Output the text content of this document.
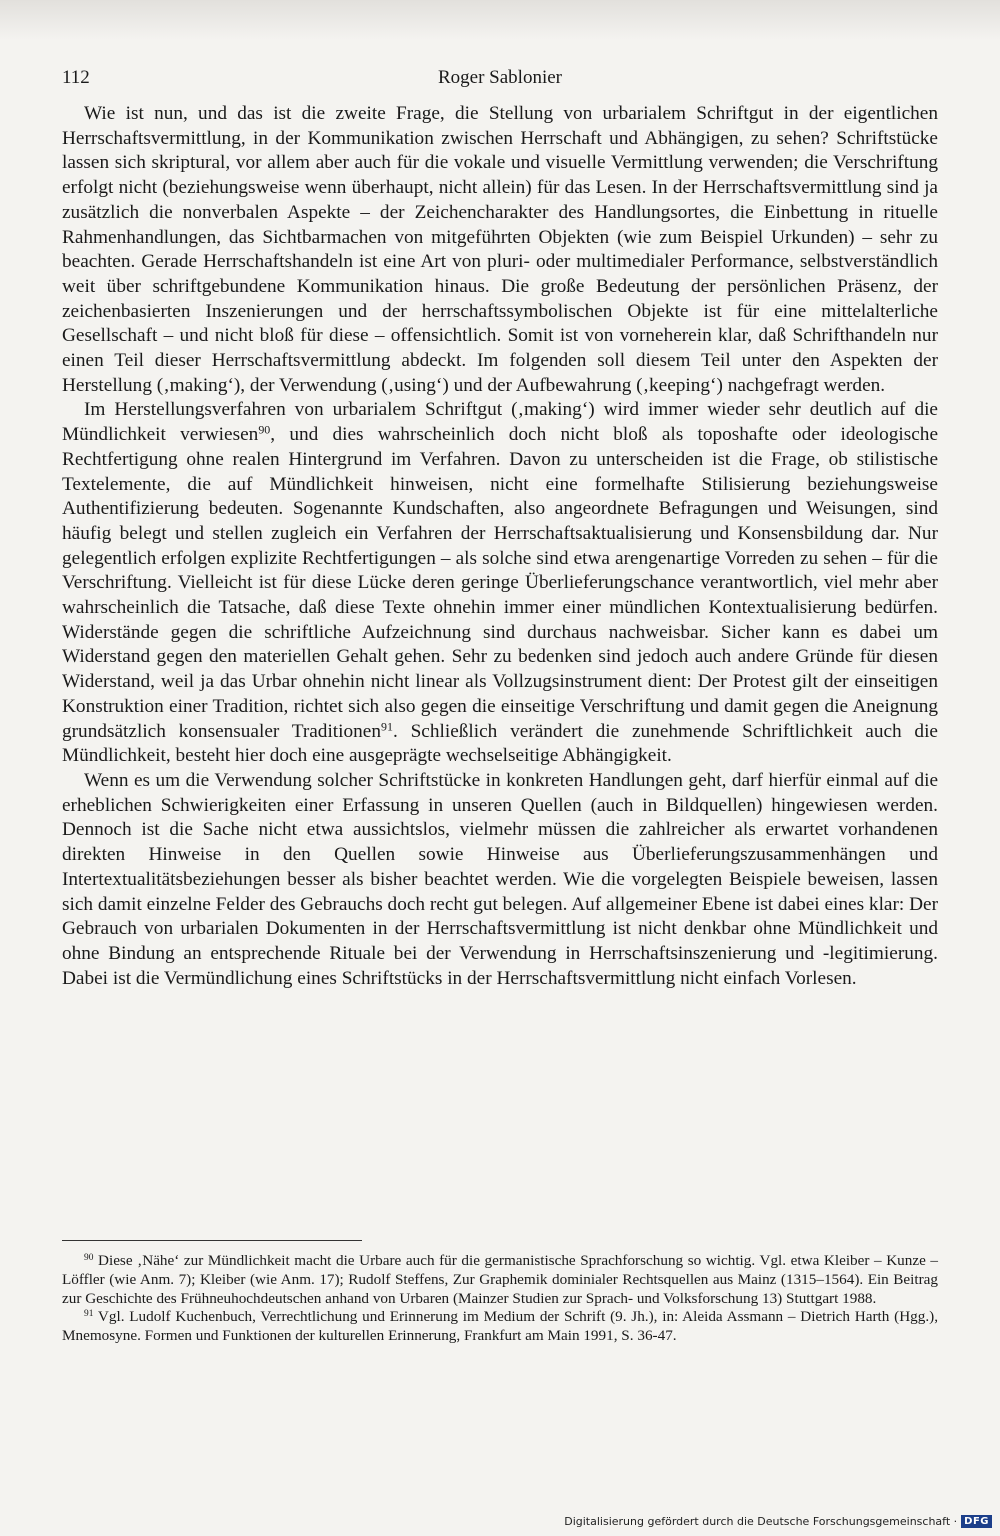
112	Roger Sablonier

Wie ist nun, und das ist die zweite Frage, die Stellung von urbarialem Schriftgut in der eigentlichen Herrschaftsvermittlung, in der Kommunikation zwischen Herrschaft und Abhängigen, zu sehen? Schriftstücke lassen sich skriptural, vor allem aber auch für die vokale und visuelle Vermittlung verwenden; die Verschriftung erfolgt nicht (beziehungsweise wenn überhaupt, nicht allein) für das Lesen. In der Herrschaftsvermittlung sind ja zusätzlich die nonverbalen Aspekte – der Zeichencharakter des Handlungsortes, die Einbettung in rituelle Rahmenhandlungen, das Sichtbarmachen von mitgeführten Objekten (wie zum Beispiel Urkunden) – sehr zu beachten. Gerade Herrschaftshandeln ist eine Art von pluri- oder multimedialer Performance, selbstverständlich weit über schriftgebundene Kommunikation hinaus. Die große Bedeutung der persönlichen Präsenz, der zeichenbasierten Inszenierungen und der herrschaftssymbolischen Objekte ist für eine mittelalterliche Gesellschaft – und nicht bloß für diese – offensichtlich. Somit ist von vorneherein klar, daß Schrifthandeln nur einen Teil dieser Herrschaftsvermittlung abdeckt. Im folgenden soll diesem Teil unter den Aspekten der Herstellung (‚making‘), der Verwendung (‚using‘) und der Aufbewahrung (‚keeping‘) nachgefragt werden.

Im Herstellungsverfahren von urbarialem Schriftgut (‚making‘) wird immer wieder sehr deutlich auf die Mündlichkeit verwiesen$^{90}$, und dies wahrscheinlich doch nicht bloß als toposhafte oder ideologische Rechtfertigung ohne realen Hintergrund im Verfahren. Davon zu unterscheiden ist die Frage, ob stilistische Textelemente, die auf Mündlichkeit hinweisen, nicht eine formelhafte Stilisierung beziehungsweise Authentifizierung bedeuten. Sogenannte Kundschaften, also angeordnete Befragungen und Weisungen, sind häufig belegt und stellen zugleich ein Verfahren der Herrschaftsaktualisierung und Konsensbildung dar. Nur gelegentlich erfolgen explizite Rechtfertigungen – als solche sind etwa arengenartige Vorreden zu sehen – für die Verschriftung. Vielleicht ist für diese Lücke deren geringe Überlieferungschance verantwortlich, viel mehr aber wahrscheinlich die Tatsache, daß diese Texte ohnehin immer einer mündlichen Kontextualisierung bedürfen. Widerstände gegen die schriftliche Aufzeichnung sind durchaus nachweisbar. Sicher kann es dabei um Widerstand gegen den materiellen Gehalt gehen. Sehr zu bedenken sind jedoch auch andere Gründe für diesen Widerstand, weil ja das Urbar ohnehin nicht linear als Vollzugsinstrument dient: Der Protest gilt der einseitigen Konstruktion einer Tradition, richtet sich also gegen die einseitige Verschriftung und damit gegen die Aneignung grundsätzlich konsensualer Traditionen$^{91}$. Schließlich verändert die zunehmende Schriftlichkeit auch die Mündlichkeit, besteht hier doch eine ausgeprägte wechselseitige Abhängigkeit.

Wenn es um die Verwendung solcher Schriftstücke in konkreten Handlungen geht, darf hierfür einmal auf die erheblichen Schwierigkeiten einer Erfassung in unseren Quellen (auch in Bildquellen) hingewiesen werden. Dennoch ist die Sache nicht etwa aussichtslos, vielmehr müssen die zahlreicher als erwartet vorhandenen direkten Hinweise in den Quellen sowie Hinweise aus Überlieferungszusammenhängen und Intertextualitätsbeziehungen besser als bisher beachtet werden. Wie die vorgelegten Beispiele beweisen, lassen sich damit einzelne Felder des Gebrauchs doch recht gut belegen. Auf allgemeiner Ebene ist dabei eines klar: Der Gebrauch von urbarialen Dokumenten in der Herrschaftsvermittlung ist nicht denkbar ohne Mündlichkeit und ohne Bindung an entsprechende Rituale bei der Verwendung in Herrschaftsinszenierung und -legitimierung. Dabei ist die Vermündlichung eines Schriftstücks in der Herrschaftsvermittlung nicht einfach Vorlesen.

$^{90}$ Diese ‚Nähe‘ zur Mündlichkeit macht die Urbare auch für die germanistische Sprachforschung so wichtig. Vgl. etwa Kleiber – Kunze – Löffler (wie Anm. 7); Kleiber (wie Anm. 17); Rudolf Steffens, Zur Graphemik dominialer Rechtsquellen aus Mainz (1315–1564). Ein Beitrag zur Geschichte des Frühneuhochdeutschen anhand von Urbaren (Mainzer Studien zur Sprach- und Volksforschung 13) Stuttgart 1988.

$^{91}$ Vgl. Ludolf Kuchenbuch, Verrechtlichung und Erinnerung im Medium der Schrift (9. Jh.), in: Aleida Assmann – Dietrich Harth (Hgg.), Mnemosyne. Formen und Funktionen der kulturellen Erinnerung, Frankfurt am Main 1991, S. 36-47.

Digitalisierung gefördert durch die Deutsche Forschungsgemeinschaft · DFG
